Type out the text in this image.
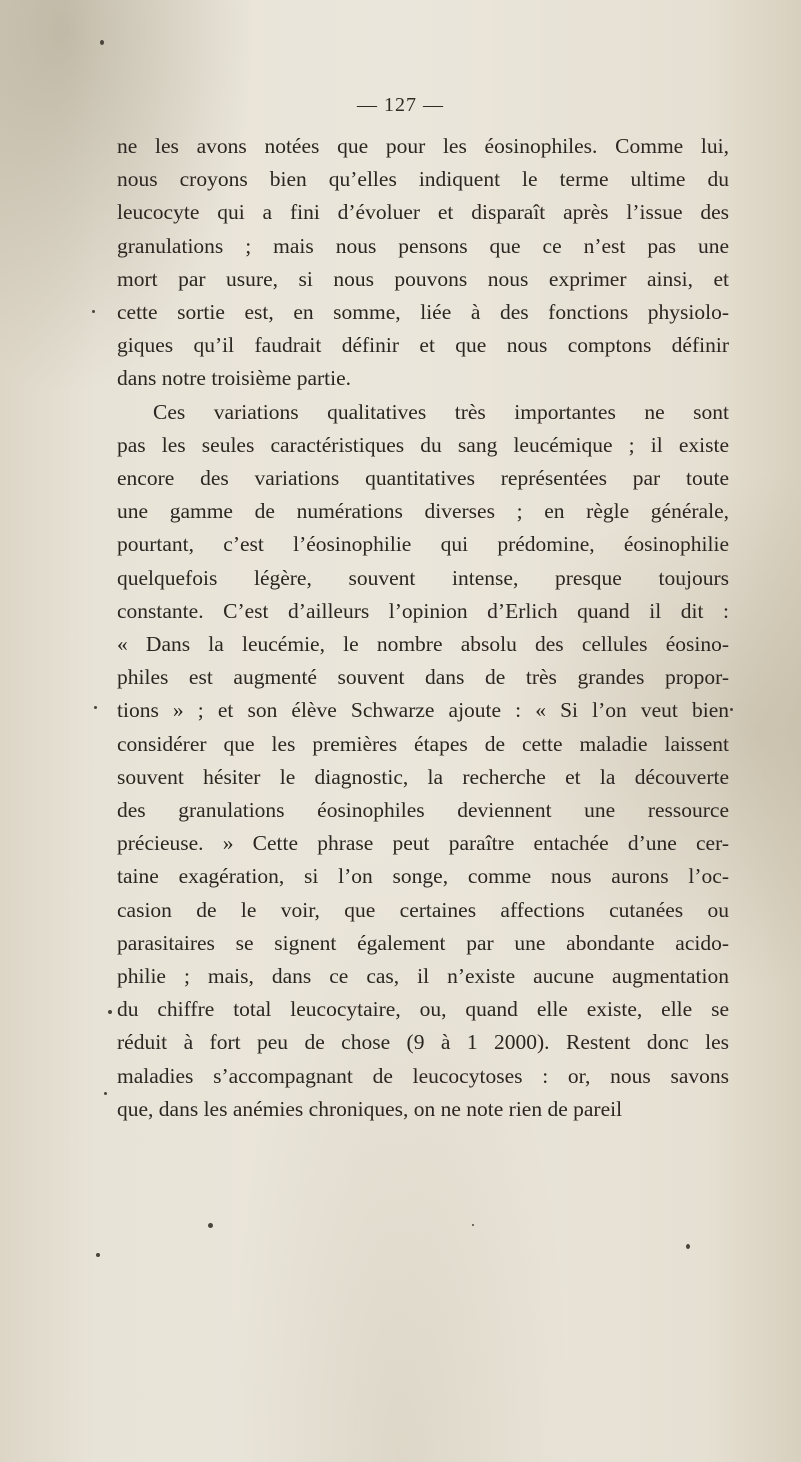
— 127 —
ne les avons notées que pour les éosinophiles. Comme lui,
nous croyons bien qu’elles indiquent le terme ultime du
leucocyte qui a fini d’évoluer et disparaît après l’issue des
granulations ; mais nous pensons que ce n’est pas une
mort par usure, si nous pouvons nous exprimer ainsi, et
cette sortie est, en somme, liée à des fonctions physiolo-
giques qu’il faudrait définir et que nous comptons définir
dans notre troisième partie.
Ces variations qualitatives très importantes ne sont
pas les seules caractéristiques du sang leucémique ; il existe
encore des variations quantitatives représentées par toute
une gamme de numérations diverses ; en règle générale,
pourtant, c’est l’éosinophilie qui prédomine, éosinophilie
quelquefois légère, souvent intense, presque toujours
constante. C’est d’ailleurs l’opinion d’Erlich quand il dit :
« Dans la leucémie, le nombre absolu des cellules éosino-
philes est augmenté souvent dans de très grandes propor-
tions » ; et son élève Schwarze ajoute : « Si l’on veut bien
considérer que les premières étapes de cette maladie laissent
souvent hésiter le diagnostic, la recherche et la découverte
des granulations éosinophiles deviennent une ressource
précieuse. » Cette phrase peut paraître entachée d’une cer-
taine exagération, si l’on songe, comme nous aurons l’oc-
casion de le voir, que certaines affections cutanées ou
parasitaires se signent également par une abondante acido-
philie ; mais, dans ce cas, il n’existe aucune augmentation
du chiffre total leucocytaire, ou, quand elle existe, elle se
réduit à fort peu de chose (9 à 1 2000). Restent donc les
maladies s’accompagnant de leucocytoses : or, nous savons
que, dans les anémies chroniques, on ne note rien de pareil
